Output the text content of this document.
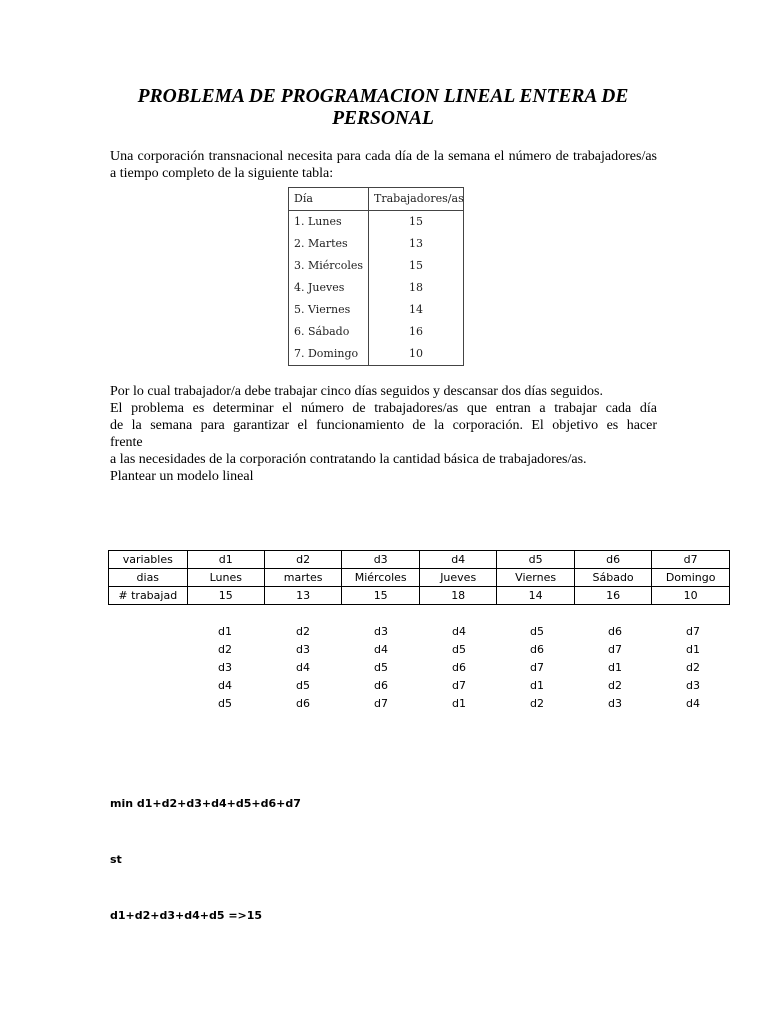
PROBLEMA DE PROGRAMACION LINEAL ENTERA DE PERSONAL
Una corporación transnacional necesita para cada día de la semana el número de trabajadores/as a tiempo completo de la siguiente tabla:
Día	Trabajadores/as
1. Lunes	15
2. Martes	13
3. Miércoles	15
4. Jueves	18
5. Viernes	14
6. Sábado	16
7. Domingo	10
Por lo cual trabajador/a debe trabajar cinco días seguidos y descansar dos días seguidos.
El problema es determinar el número de trabajadores/as que entran a trabajar cada día
de la semana para garantizar el funcionamiento de la corporación. El objetivo es hacer
frente
a las necesidades de la corporación contratando la cantidad básica de trabajadores/as.
Plantear un modelo lineal
variables	d1	d2	d3	d4	d5	d6	d7
dias	Lunes	martes	Miércoles	Jueves	Viernes	Sábado	Domingo
# trabajad	15	13	15	18	14	16	10
d1	d2	d3	d4	d5	d6	d7
d2	d3	d4	d5	d6	d7	d1
d3	d4	d5	d6	d7	d1	d2
d4	d5	d6	d7	d1	d2	d3
d5	d6	d7	d1	d2	d3	d4
min d1+d2+d3+d4+d5+d6+d7
st
d1+d2+d3+d4+d5 =>15
